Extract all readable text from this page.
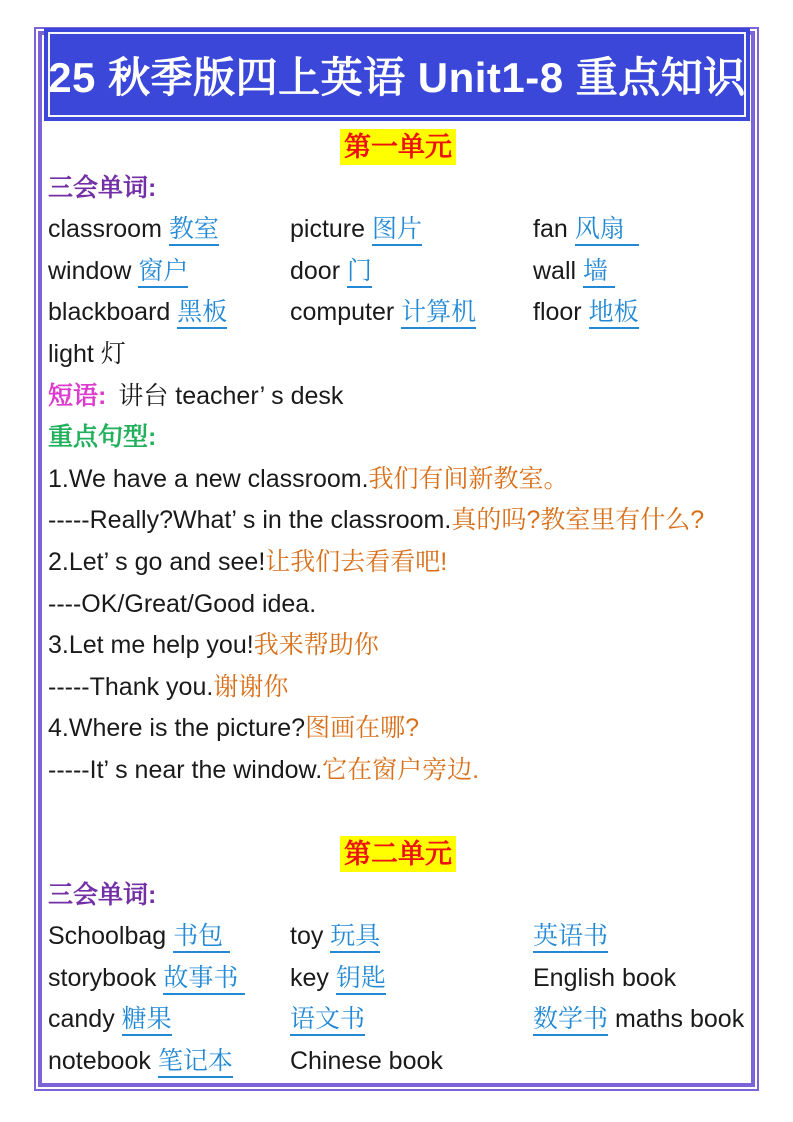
25 秋季版四上英语 Unit1-8 重点知识
第一单元
三会单词:
classroom 教室	picture 图片	fan 风扇
window 窗户	door 门	wall 墙
blackboard 黑板	computer 计算机	floor 地板
light 灯
短语: 讲台 teacher’ s desk
重点句型:
1.We have a new classroom.我们有间新教室。
-----Really?What’ s in the classroom.真的吗?教室里有什么?
2.Let’ s go and see!让我们去看看吧!
----OK/Great/Good idea.
3.Let me help you!我来帮助你
-----Thank you.谢谢你
4.Where is the picture?图画在哪?
-----It’ s near the window.它在窗户旁边.
第二单元
三会单词:
Schoolbag 书包	toy 玩具	英语书
storybook 故事书	key 钥匙	English book
candy 糖果	语文书	数学书 maths book
notebook 笔记本	Chinese book
